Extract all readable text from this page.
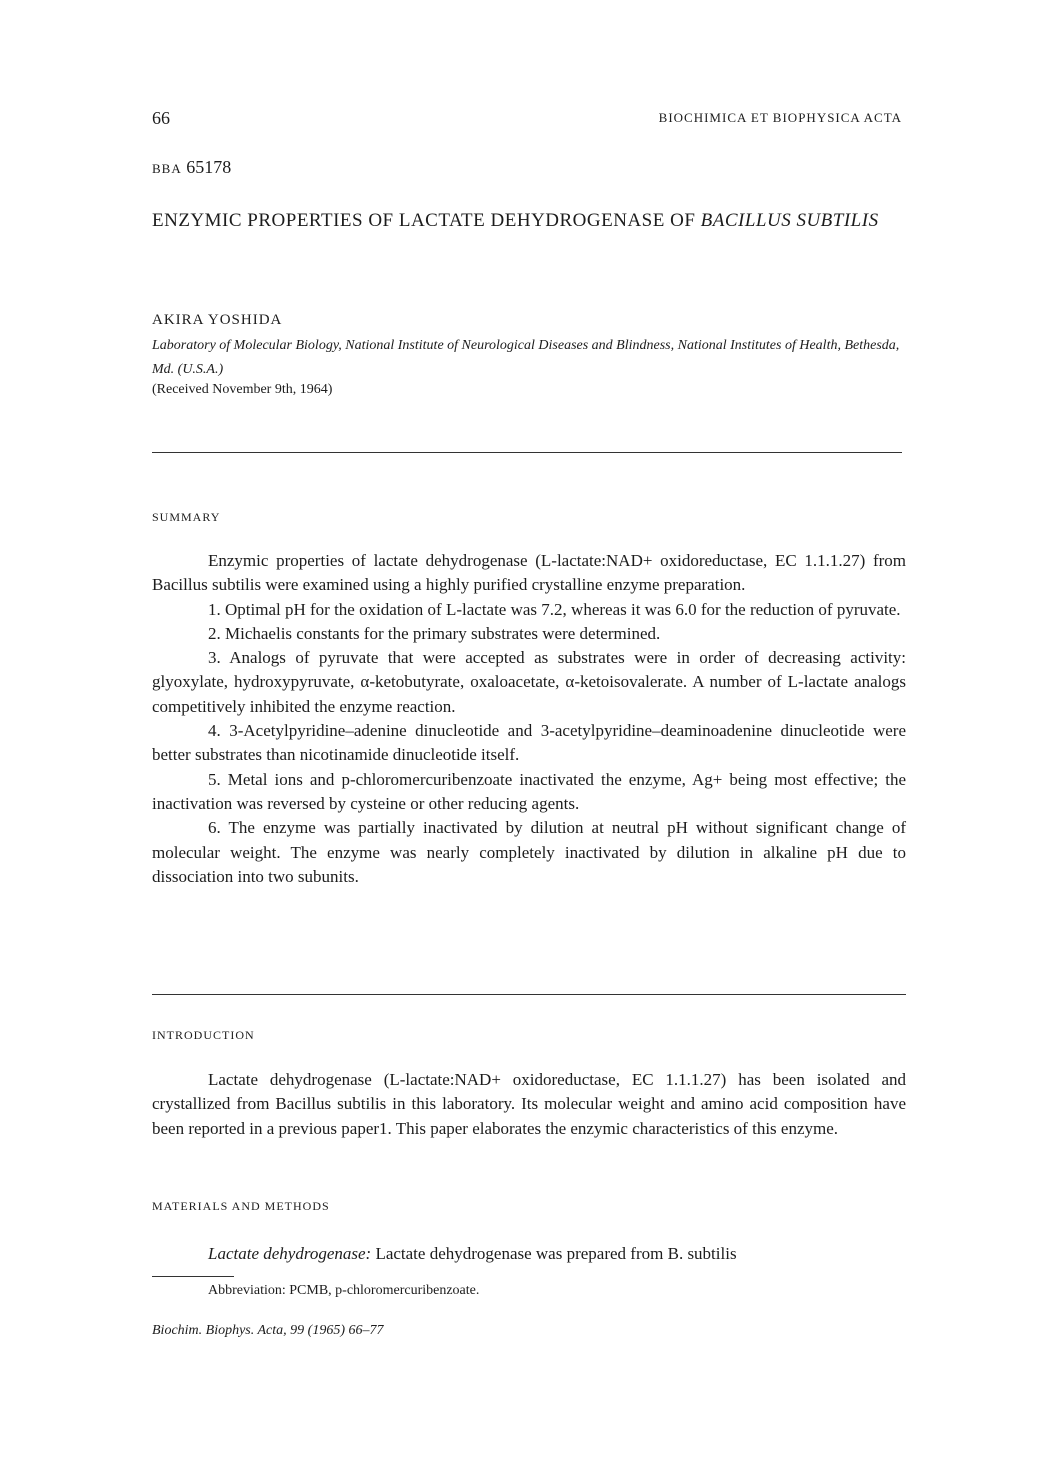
66	BIOCHIMICA ET BIOPHYSICA ACTA
BBA 65178
ENZYMIC PROPERTIES OF LACTATE DEHYDROGENASE OF BACILLUS SUBTILIS
AKIRA YOSHIDA
Laboratory of Molecular Biology, National Institute of Neurological Diseases and Blindness, National Institutes of Health, Bethesda, Md. (U.S.A.)
(Received November 9th, 1964)
SUMMARY

Enzymic properties of lactate dehydrogenase (L-lactate:NAD+ oxidoreductase, EC 1.1.1.27) from Bacillus subtilis were examined using a highly purified crystalline enzyme preparation.

1. Optimal pH for the oxidation of L-lactate was 7.2, whereas it was 6.0 for the reduction of pyruvate.

2. Michaelis constants for the primary substrates were determined.

3. Analogs of pyruvate that were accepted as substrates were in order of decreasing activity: glyoxylate, hydroxypyruvate, α-ketobutyrate, oxaloacetate, α-ketoisovalerate. A number of L-lactate analogs competitively inhibited the enzyme reaction.

4. 3-Acetylpyridine–adenine dinucleotide and 3-acetylpyridine–deaminoadenine dinucleotide were better substrates than nicotinamide dinucleotide itself.

5. Metal ions and p-chloromercuribenzoate inactivated the enzyme, Ag+ being most effective; the inactivation was reversed by cysteine or other reducing agents.

6. The enzyme was partially inactivated by dilution at neutral pH without significant change of molecular weight. The enzyme was nearly completely inactivated by dilution in alkaline pH due to dissociation into two subunits.

INTRODUCTION

Lactate dehydrogenase (L-lactate:NAD+ oxidoreductase, EC 1.1.1.27) has been isolated and crystallized from Bacillus subtilis in this laboratory. Its molecular weight and amino acid composition have been reported in a previous paper1. This paper elaborates the enzymic characteristics of this enzyme.

MATERIALS AND METHODS

Lactate dehydrogenase: Lactate dehydrogenase was prepared from B. subtilis

Abbreviation: PCMB, p-chloromercuribenzoate.
Biochim. Biophys. Acta, 99 (1965) 66–77
